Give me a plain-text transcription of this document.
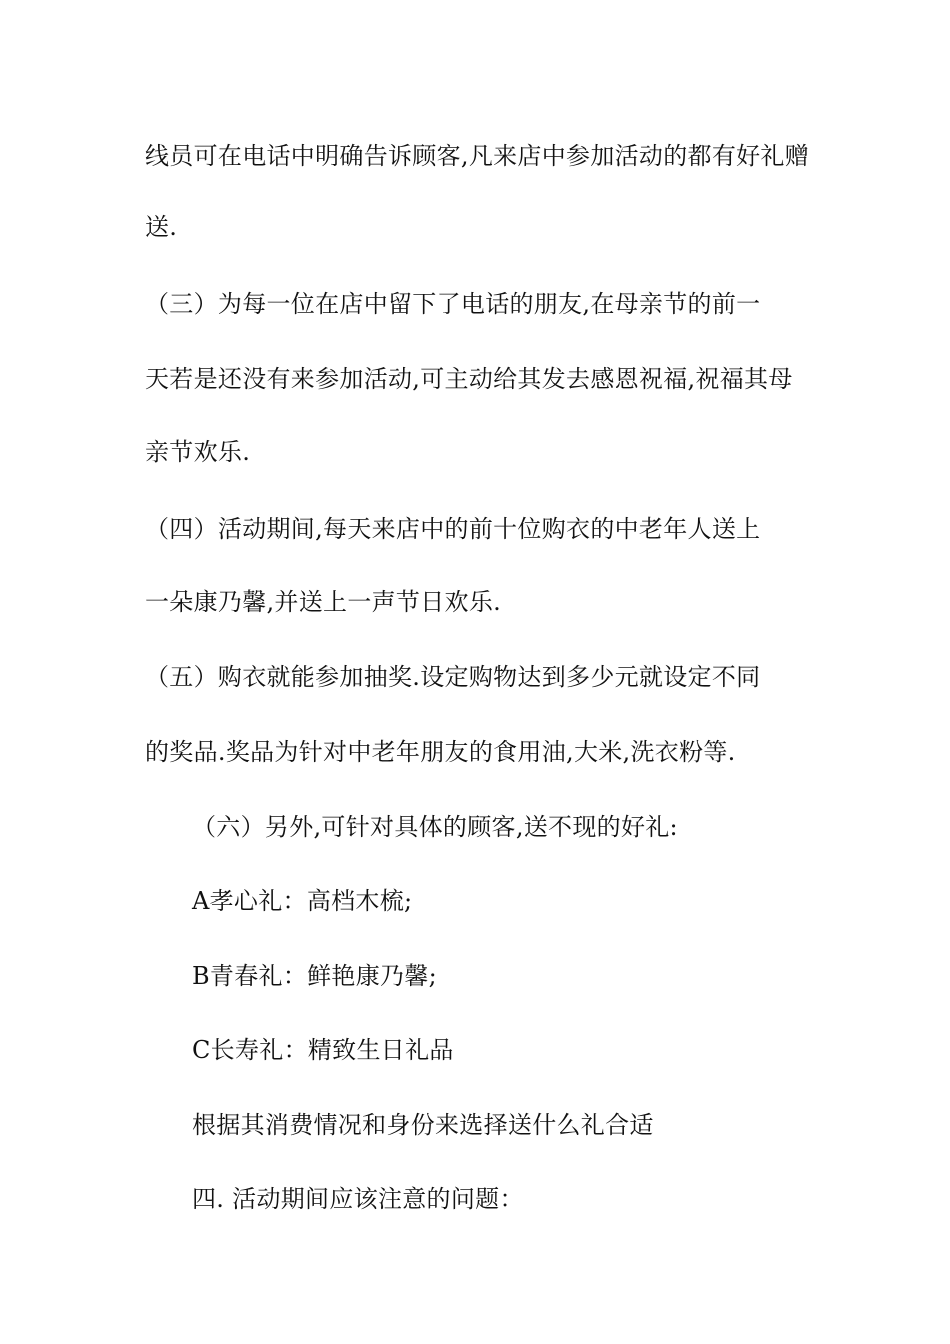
线员可在电话中明确告诉顾客,凡来店中参加活动的都有好礼赠
送.
（三）为每一位在店中留下了电话的朋友,在母亲节的前一
天若是还没有来参加活动,可主动给其发去感恩祝福,祝福其母
亲节欢乐.
（四）活动期间,每天来店中的前十位购衣的中老年人送上
一朵康乃馨,并送上一声节日欢乐.
（五）购衣就能参加抽奖.设定购物达到多少元就设定不同
的奖品.奖品为针对中老年朋友的食用油,大米,洗衣粉等.
（六）另外,可针对具体的顾客,送不现的好礼:
A孝心礼：高档木梳;
B青春礼：鲜艳康乃馨;
C长寿礼：精致生日礼品
根据其消费情况和身份来选择送什么礼合适
四. 活动期间应该注意的问题：
